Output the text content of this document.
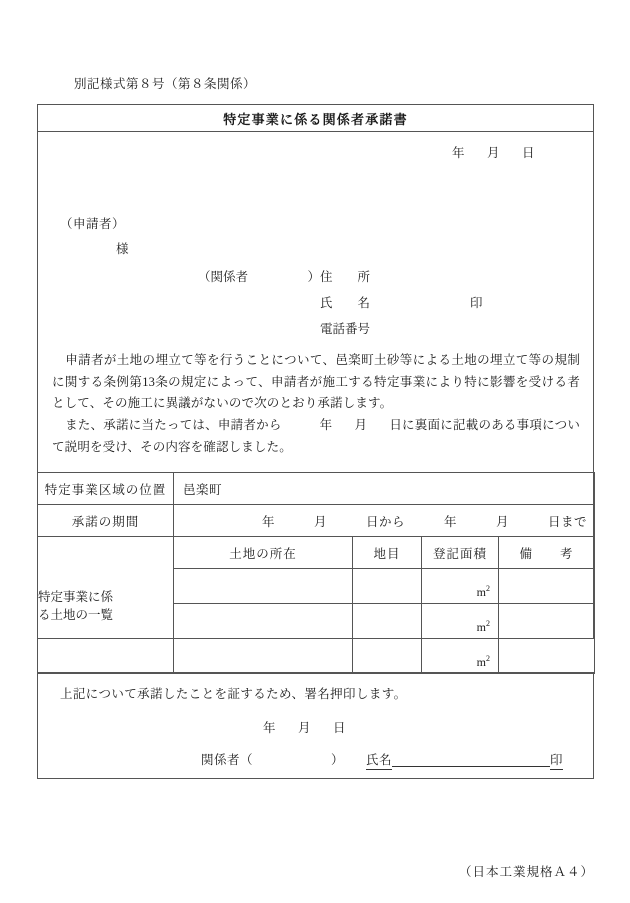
別記様式第８号（第８条関係）
特定事業に係る関係者承諾書
年 月 日
（申請者）
様
（関係者	） 住　　所
氏　　名	印
電話番号
申請者が土地の埋立て等を行うことについて、邑楽町土砂等による土地の埋立て等の規制に関する条例第13条の規定によって、申請者が施工する特定事業により特に影響を受ける者として、その施工に異議がないので次のとおり承諾します。
また、承諾に当たっては、申請者から	年 月 日に裏面に記載のある事項について説明を受け、その内容を確認しました。
特定事業区域の位置	邑楽町			
承諾の期間	年　　　月　　　日から　　　年　　　月　　　日まで			

特定事業に係
る土地の一覧	土地の所在	地目	登記面積	備　　考
			$m^2$	
			$m^2$	
			$m^2$	
上記について承諾したことを証するため、署名押印します。
年 月 日
関係者（	） 氏名	印
（日本工業規格Ａ４）
